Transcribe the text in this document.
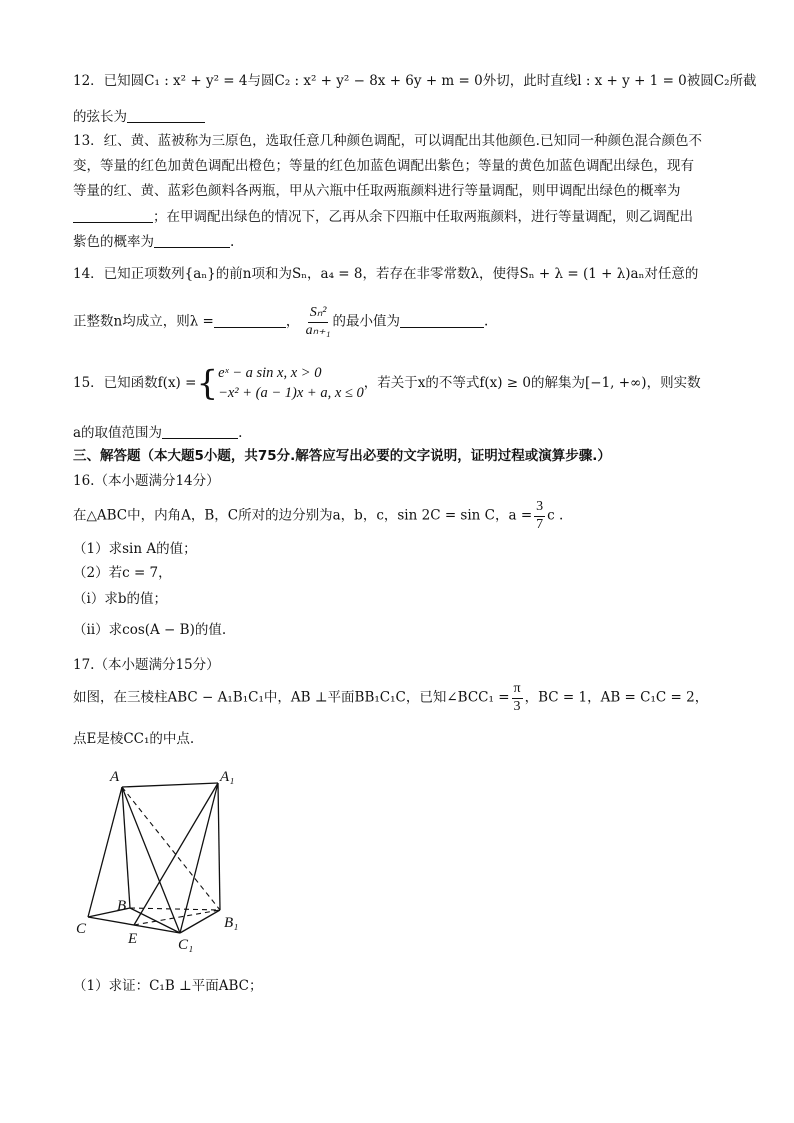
12．已知圆C₁ : x² + y² = 4与圆C₂ : x² + y² − 8x + 6y + m = 0外切，此时直线l : x + y + 1 = 0被圆C₂所截
的弦长为
13．红、黄、蓝被称为三原色，选取任意几种颜色调配，可以调配出其他颜色.已知同一种颜色混合颜色不
变，等量的红色加黄色调配出橙色；等量的红色加蓝色调配出紫色；等量的黄色加蓝色调配出绿色，现有
等量的红、黄、蓝彩色颜料各两瓶，甲从六瓶中任取两瓶颜料进行等量调配，则甲调配出绿色的概率为
；在甲调配出绿色的情况下，乙再从余下四瓶中任取两瓶颜料，进行等量调配，则乙调配出
紫色的概率为	.
14．已知正项数列{aₙ}的前n项和为Sₙ，a₄ = 8，若存在非零常数λ，使得Sₙ + λ = (1 + λ)aₙ对任意的
正整数n均成立，则λ =	， $\frac{\text{Sₙ²}}{\text{aₙ₊₁}}$ 的最小值为	.
15．已知函数f(x) ={ eˣ − a sin x, x > 0
−x² + (a − 1)x + a, x ≤ 0
，若关于x的不等式f(x) ≥ 0的解集为[−1, +∞)，则实数
a的取值范围为	.
三、解答题（本大题5小题，共75分.解答应写出必要的文字说明，证明过程或演算步骤.）
16.（本小题满分14分）
在△ABC中，内角A，B，C所对的边分别为a，b，c，sin 2C = sin C，$a = \frac{3}{7}$ c .
（1）求sin A的值；
（2）若c = 7，
（ⅰ）求b的值；
（ⅱ）求cos(A − B)的值.
17.（本小题满分15分）
如图，在三棱柱ABC − A₁B₁C₁中，AB ⊥平面BB₁C₁C，已知∠BCC₁ = $\frac{\pi}{3}$ ，BC = 1，AB = C₁C = 2，
点E是棱CC₁的中点.
A	A₁
B
B₁
C
C₁
E
（1）求证：C₁B ⊥平面ABC；
